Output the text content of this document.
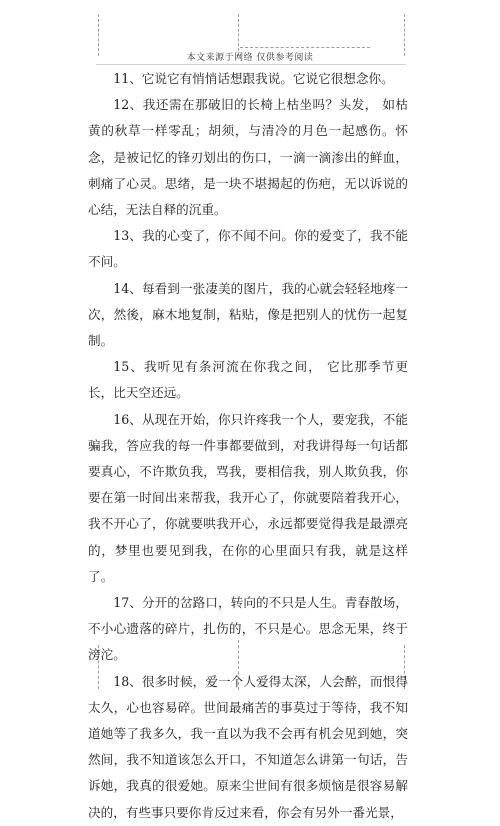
本文来源于网络 仅供参考阅读

11、它说它有悄悄话想跟我说。它说它很想念你。

12、我还需在那破旧的长椅上枯坐吗？头发， 如枯黄的秋草一样零乱；胡须，与清冷的月色一起感伤。怀念，是被记忆的锋刃划出的伤口，一滴一滴渗出的鲜血，刺痛了心灵。思绪，是一块不堪揭起的伤疤，无以诉说的心结，无法自释的沉重。

13、我的心变了，你不闻不问。你的爱变了，我不能不问。

14、每看到一张凄美的图片，我的心就会轻轻地疼一次，然後，麻木地复制，粘贴，像是把别人的忧伤一起复制。

15、我听见有条河流在你我之间， 它比那季节更长，比天空还远。

16、从现在开始，你只许疼我一个人，要宠我，不能骗我，答应我的每一件事都要做到，对我讲得每一句话都要真心，不许欺负我，骂我，要相信我，别人欺负我，你要在第一时间出来帮我，我开心了，你就要陪着我开心，我不开心了，你就要哄我开心，永远都要觉得我是最漂亮的，梦里也要见到我，在你的心里面只有我，就是这样了。

17、分开的岔路口，转向的不只是人生。青春散场，不小心遗落的碎片，扎伤的，不只是心。思念无果，终于滂沱。

18、很多时候，爱一个人爱得太深，人会醉，而恨得太久，心也容易碎。世间最痛苦的事莫过于等待，我不知道她等了我多久，我一直以为我不会再有机会见到她，突然间，我不知道该怎么开口，不知道怎么讲第一句话，告诉她，我真的很爱她。原来尘世间有很多烦恼是很容易解决的，有些事只要你肯反过来看，你会有另外一番光景，
